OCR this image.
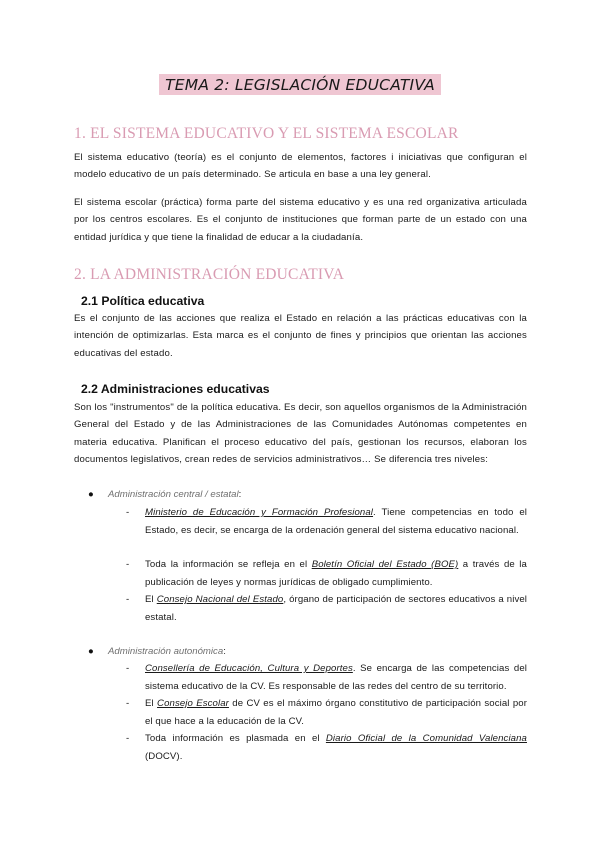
TEMA 2: LEGISLACIÓN EDUCATIVA
1. EL SISTEMA EDUCATIVO Y EL SISTEMA ESCOLAR
El sistema educativo (teoría) es el conjunto de elementos, factores i iniciativas que configuran el modelo educativo de un país determinado. Se articula en base a una ley general.
El sistema escolar (práctica) forma parte del sistema educativo y es una red organizativa articulada por los centros escolares. Es el conjunto de instituciones que forman parte de un estado con una entidad jurídica y que tiene la finalidad de educar a la ciudadanía.
2. LA ADMINISTRACIÓN EDUCATIVA
2.1 Política educativa
Es el conjunto de las acciones que realiza el Estado en relación a las prácticas educativas con la intención de optimizarlas. Esta marca es el conjunto de fines y principios que orientan las acciones educativas del estado.
2.2 Administraciones educativas
Son los "instrumentos" de la política educativa. Es decir, son aquellos organismos de la Administración General del Estado y de las Administraciones de las Comunidades Autónomas competentes en materia educativa. Planifican el proceso educativo del país, gestionan los recursos, elaboran los documentos legislativos, crean redes de servicios administrativos… Se diferencia tres niveles:
● Administración central / estatal:
- Ministerio de Educación y Formación Profesional. Tiene competencias en todo el Estado, es decir, se encarga de la ordenación general del sistema educativo nacional.
- Toda la información se refleja en el Boletín Oficial del Estado (BOE) a través de la publicación de leyes y normas jurídicas de obligado cumplimiento.
- El Consejo Nacional del Estado, órgano de participación de sectores educativos a nivel estatal.
● Administración autonómica:
- Consellería de Educación, Cultura y Deportes. Se encarga de las competencias del sistema educativo de la CV. Es responsable de las redes del centro de su territorio.
- El Consejo Escolar de CV es el máximo órgano constitutivo de participación social por el que hace a la educación de la CV.
- Toda información es plasmada en el Diario Oficial de la Comunidad Valenciana (DOCV).
